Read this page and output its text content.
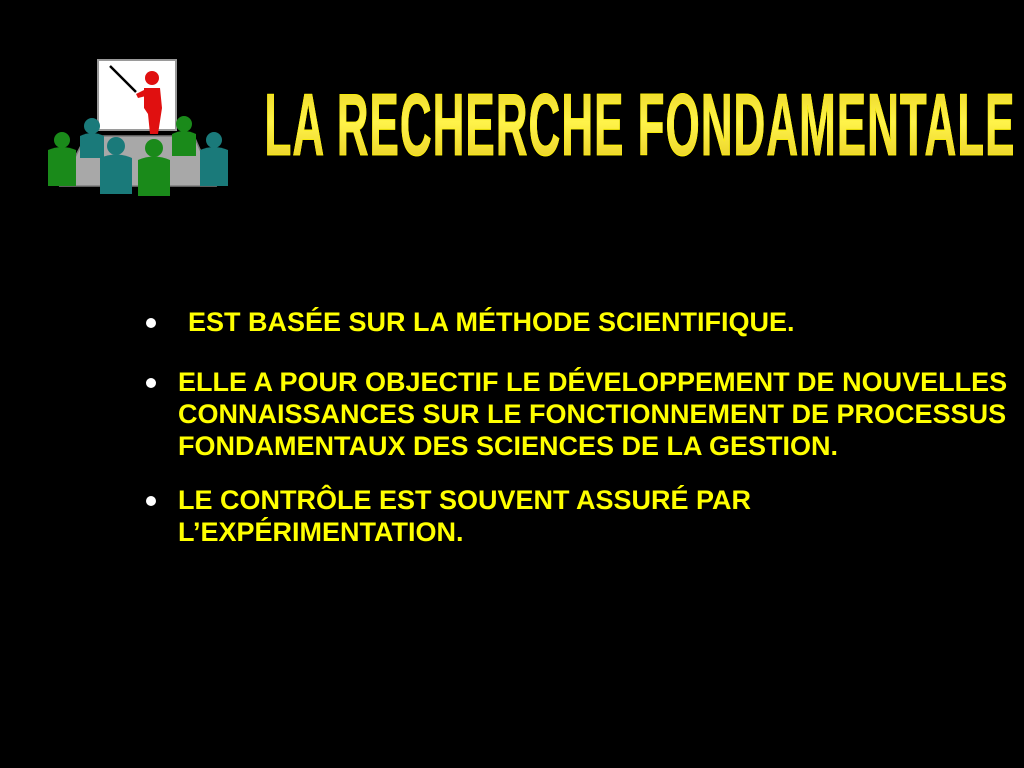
LA RECHERCHE FONDAMENTALE
EST BASÉE SUR LA MÉTHODE SCIENTIFIQUE.
ELLE A POUR OBJECTIF LE DÉVELOPPEMENT DE NOUVELLES CONNAISSANCES SUR LE FONCTIONNEMENT DE PROCESSUS FONDAMENTAUX DES SCIENCES DE LA GESTION.
LE CONTRÔLE EST SOUVENT ASSURÉ PAR L’EXPÉRIMENTATION.
